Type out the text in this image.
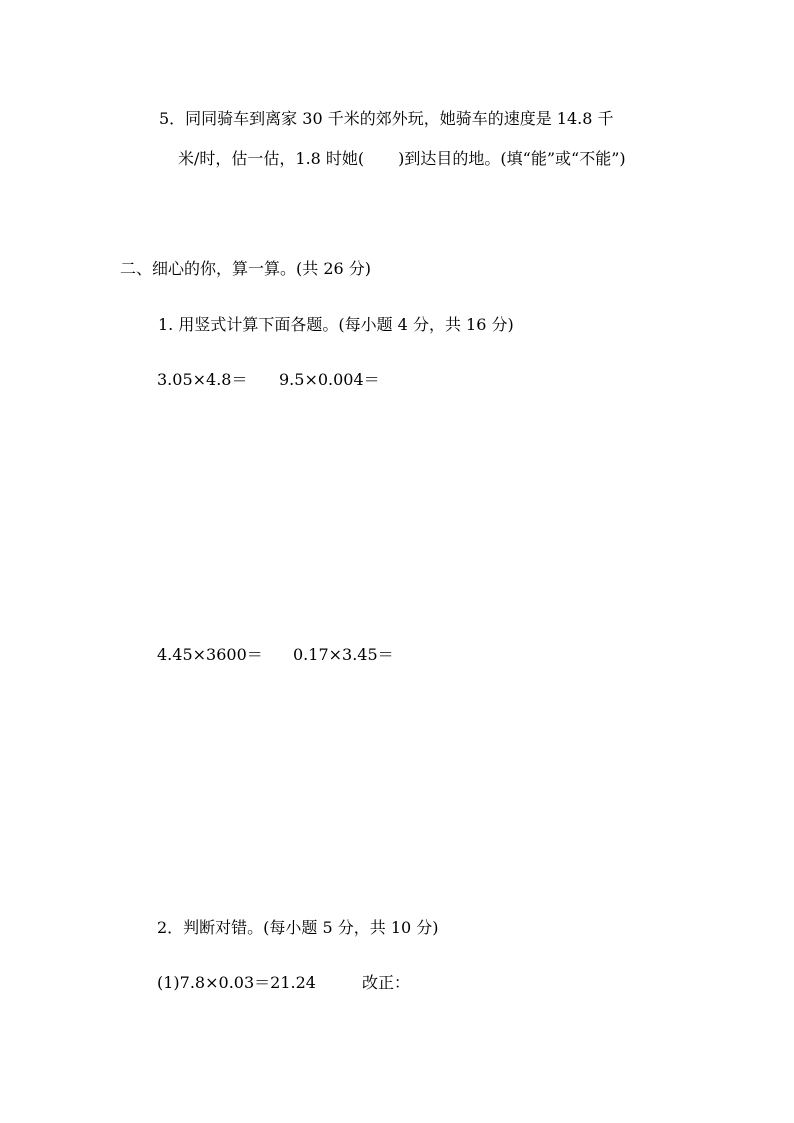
5．同同骑车到离家 30 千米的郊外玩，她骑车的速度是 14.8 千
米/时，估一估，1.8 时她( )到达目的地。(填“能”或“不能”)
二、细心的你，算一算。(共 26 分)
1. 用竖式计算下面各题。(每小题 4 分，共 16 分)
3.05×4.8＝ 9.5×0.004＝
4.45×3600＝ 0.17×3.45＝
2．判断对错。(每小题 5 分，共 10 分)
(1)7.8×0.03＝21.24	改正：
